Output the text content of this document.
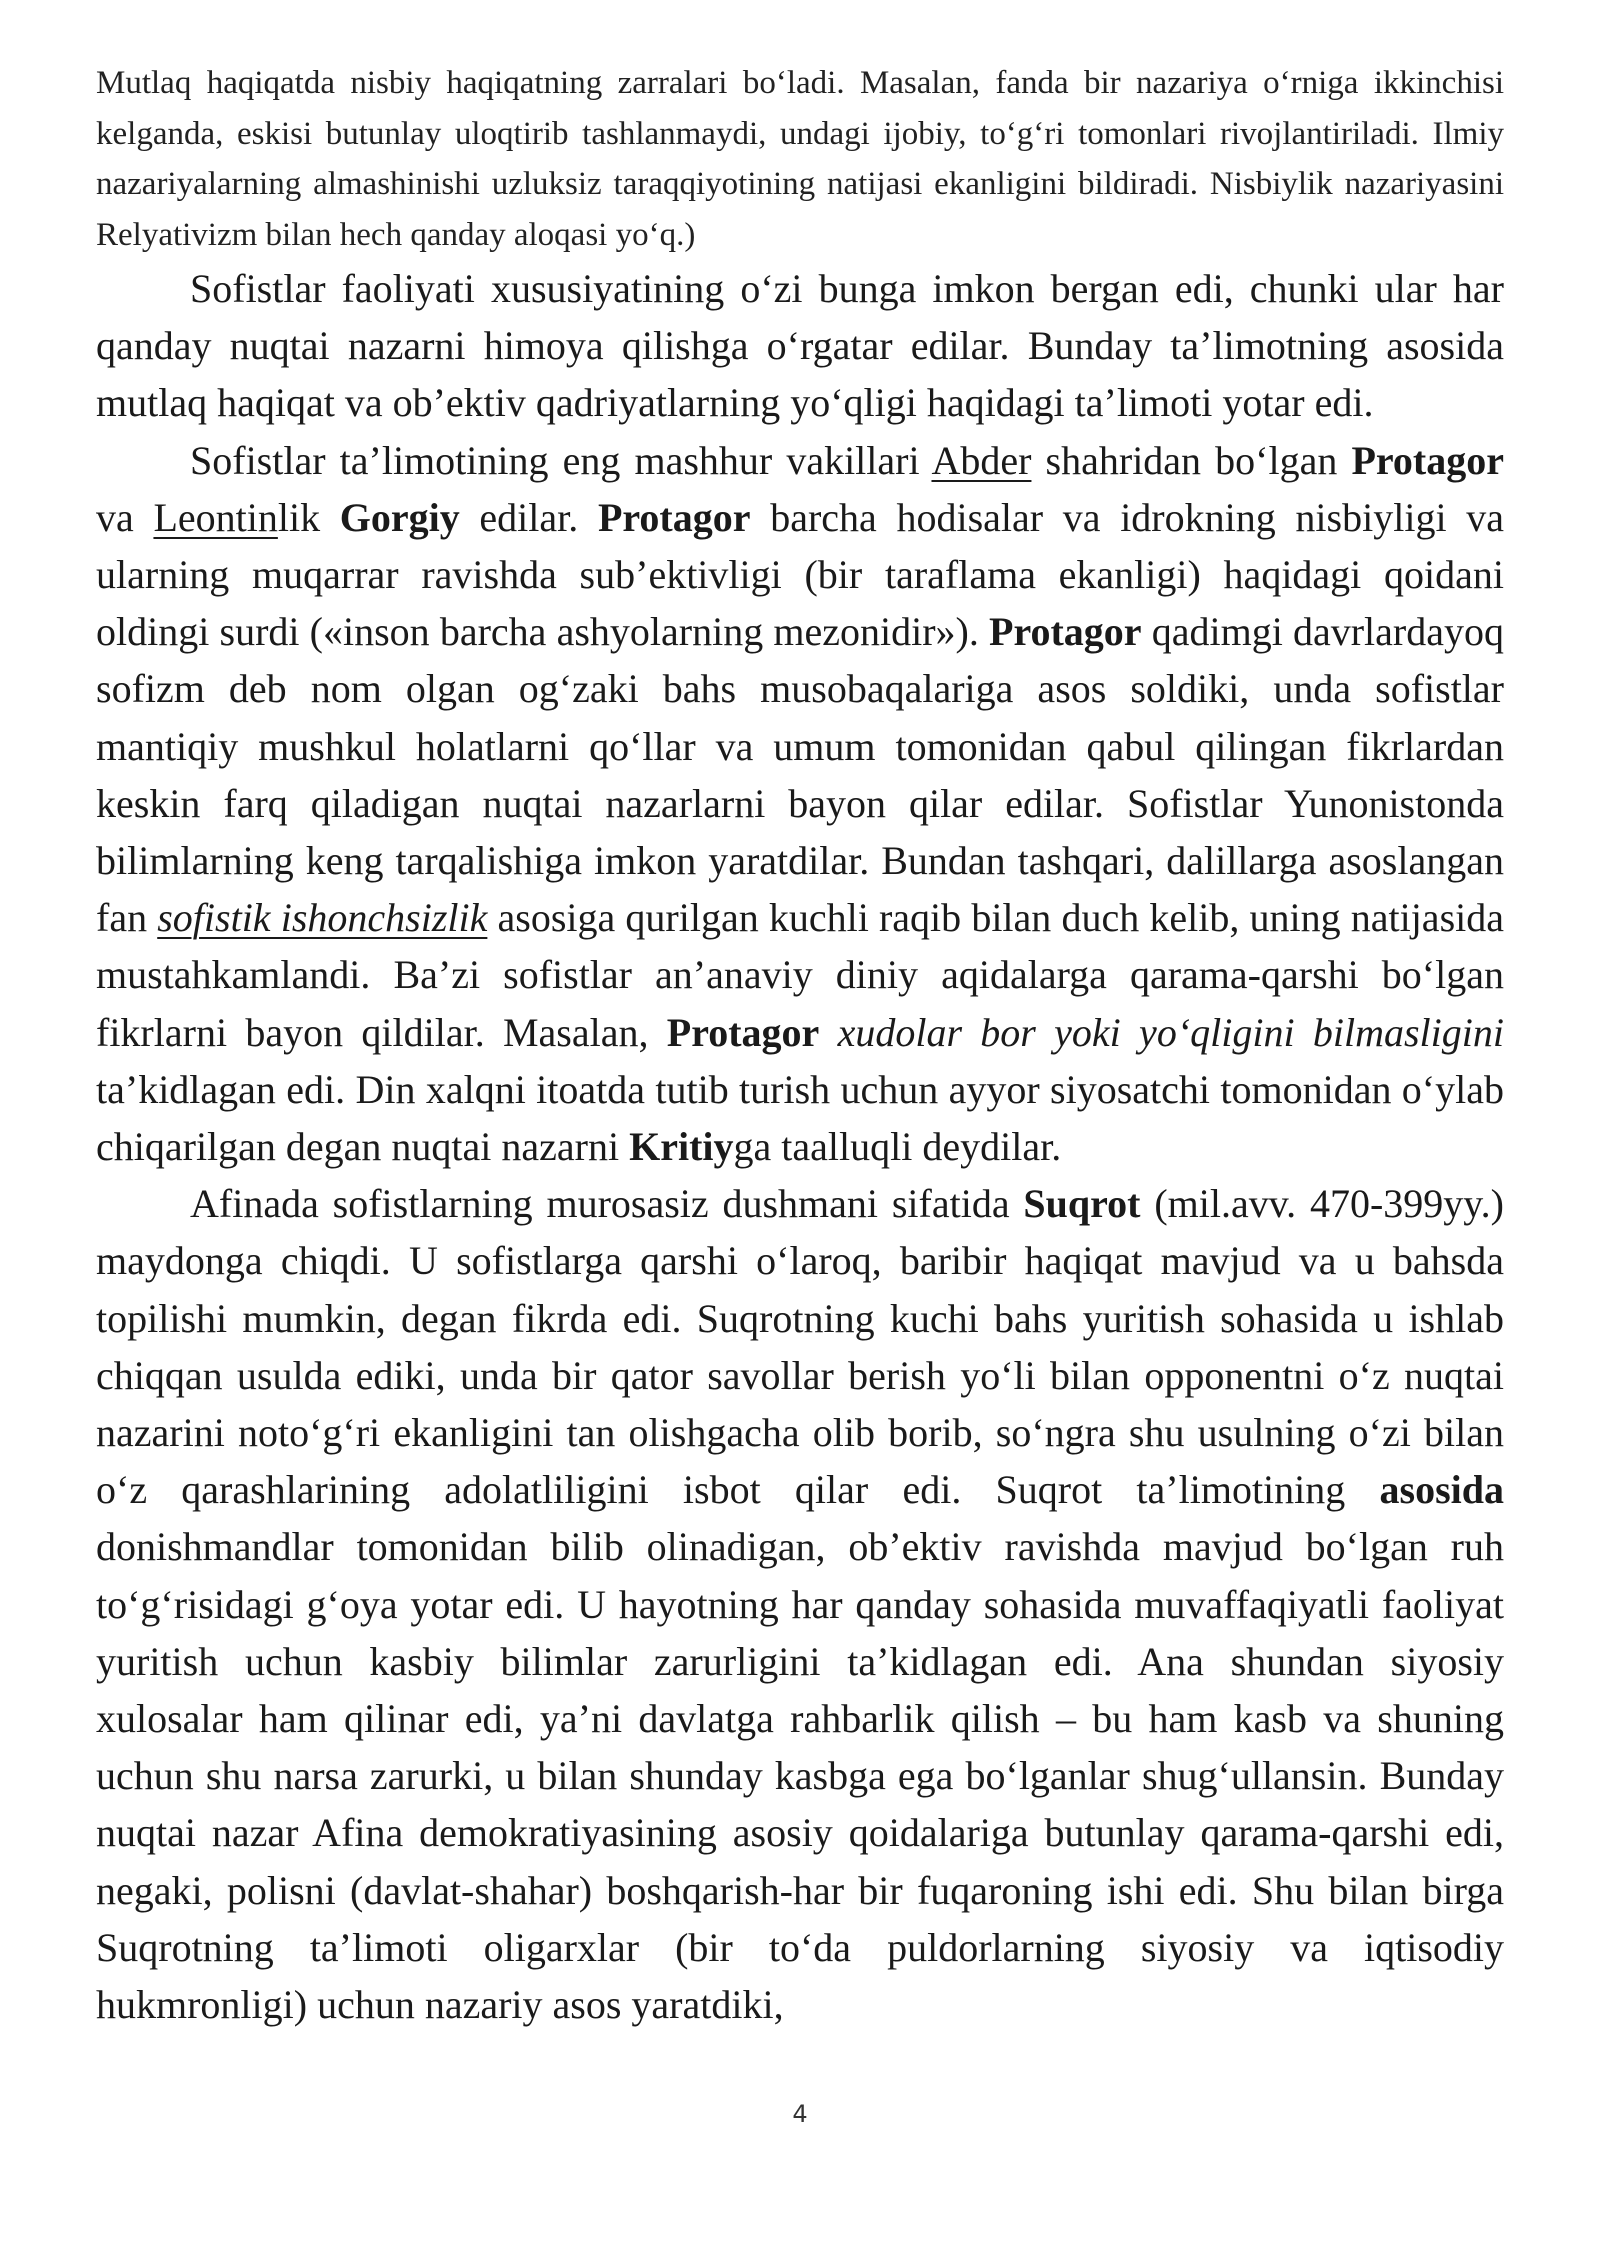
Mutlaq haqiqatda nisbiy haqiqatning zarralari bo‘ladi. Masalan, fanda bir nazariya o‘rniga ikkinchisi kelganda, eskisi butunlay uloqtirib tashlanmaydi, undagi ijobiy, to‘g‘ri tomonlari rivojlantiriladi. Ilmiy nazariyalarning almashinishi uzluksiz taraqqiyotining natijasi ekanligini bildiradi. Nisbiylik nazariyasini Relyativizm bilan hech qanday aloqasi yo‘q.)

Sofistlar faoliyati xususiyatining o‘zi bunga imkon bergan edi, chunki ular har qanday nuqtai nazarni himoya qilishga o‘rgatar edilar. Bunday ta’limotning asosida mutlaq haqiqat va ob’ektiv qadriyatlarning yo‘qligi haqidagi ta’limoti yotar edi.

Sofistlar ta’limotining eng mashhur vakillari Abder shahridan bo‘lgan Protagor va Leontinlik Gorgiy edilar. Protagor barcha hodisalar va idrokning nisbiyligi va ularning muqarrar ravishda sub’ektivligi (bir taraflama ekanligi) haqidagi qoidani oldingi surdi («inson barcha ashyolarning mezonidir»). Protagor qadimgi davrlardayoq sofizm deb nom olgan og‘zaki bahs musobaqalariga asos soldiki, unda sofistlar mantiqiy mushkul holatlarni qo‘llar va umum tomonidan qabul qilingan fikrlardan keskin farq qiladigan nuqtai nazarlarni bayon qilar edilar. Sofistlar Yunonistonda bilimlarning keng tarqalishiga imkon yaratdilar. Bundan tashqari, dalillarga asoslangan fan sofistik ishonchsizlik asosiga qurilgan kuchli raqib bilan duch kelib, uning natijasida mustahkamlandi. Ba’zi sofistlar an’anaviy diniy aqidalarga qarama-qarshi bo‘lgan fikrlarni bayon qildilar. Masalan, Protagor xudolar bor yoki yo‘qligini bilmasligini ta’kidlagan edi. Din xalqni itoatda tutib turish uchun ayyor siyosatchi tomonidan o‘ylab chiqarilgan degan nuqtai nazarni Kritiyga taalluqli deydilar.

Afinada sofistlarning murosasiz dushmani sifatida Suqrot (mil.avv. 470-399yy.) maydonga chiqdi. U sofistlarga qarshi o‘laroq, baribir haqiqat mavjud va u bahsda topilishi mumkin, degan fikrda edi. Suqrotning kuchi bahs yuritish sohasida u ishlab chiqqan usulda ediki, unda bir qator savollar berish yo‘li bilan opponentni o‘z nuqtai nazarini noto‘g‘ri ekanligini tan olishgacha olib borib, so‘ngra shu usulning o‘zi bilan o‘z qarashlarining adolatliligini isbot qilar edi. Suqrot ta’limotining asosida donishmandlar tomonidan bilib olinadigan, ob’ektiv ravishda mavjud bo‘lgan ruh to‘g‘risidagi g‘oya yotar edi. U hayotning har qanday sohasida muvaffaqiyatli faoliyat yuritish uchun kasbiy bilimlar zarurligini ta’kidlagan edi. Ana shundan siyosiy xulosalar ham qilinar edi, ya’ni davlatga rahbarlik qilish – bu ham kasb va shuning uchun shu narsa zarurki, u bilan shunday kasbga ega bo‘lganlar shug‘ullansin. Bunday nuqtai nazar Afina demokratiyasining asosiy qoidalariga butunlay qarama-qarshi edi, negaki, polisni (davlat-shahar) boshqarish-har bir fuqaroning ishi edi. Shu bilan birga Suqrotning ta’limoti oligarxlar (bir to‘da puldorlarning siyosiy va iqtisodiy hukmronligi) uchun nazariy asos yaratdiki,

4
